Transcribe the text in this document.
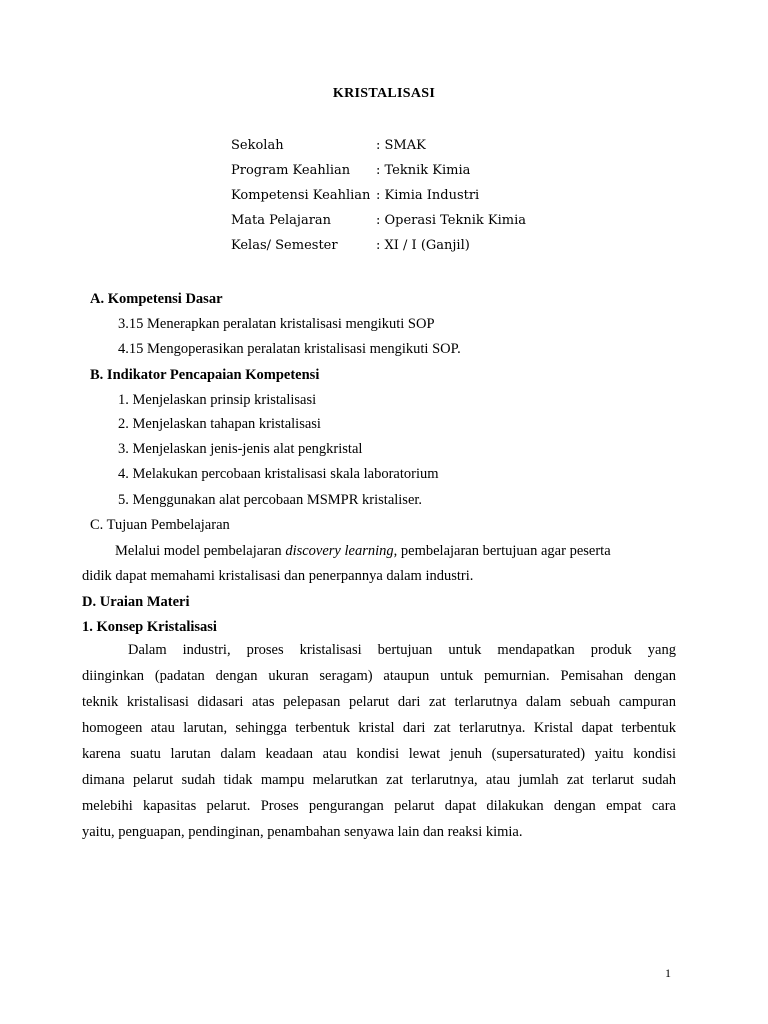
KRISTALISASI
Sekolah	: SMAK
Program Keahlian : Teknik Kimia
Kompetensi Keahlian : Kimia Industri
Mata Pelajaran	: Operasi Teknik Kimia
Kelas/ Semester	: XI / I (Ganjil)
A. Kompetensi Dasar
3.15 Menerapkan peralatan kristalisasi mengikuti SOP
4.15 Mengoperasikan peralatan kristalisasi mengikuti SOP.
B. Indikator Pencapaian Kompetensi
1. Menjelaskan prinsip kristalisasi
2. Menjelaskan tahapan kristalisasi
3. Menjelaskan jenis-jenis alat pengkristal
4. Melakukan percobaan kristalisasi skala laboratorium
5. Menggunakan alat percobaan MSMPR kristaliser.
C. Tujuan Pembelajaran
Melalui model pembelajaran discovery learning, pembelajaran bertujuan agar peserta
didik dapat memahami kristalisasi dan penerpannya dalam industri.
D. Uraian Materi
1. Konsep Kristalisasi
Dalam industri, proses kristalisasi bertujuan untuk mendapatkan produk yang
diinginkan (padatan dengan ukuran seragam) ataupun untuk pemurnian. Pemisahan dengan
teknik kristalisasi didasari atas pelepasan pelarut dari zat terlarutnya dalam sebuah campuran
homogeen atau larutan, sehingga terbentuk kristal dari zat terlarutnya. Kristal dapat terbentuk
karena suatu larutan dalam keadaan atau kondisi lewat jenuh (supersaturated) yaitu kondisi
dimana pelarut sudah tidak mampu melarutkan zat terlarutnya, atau jumlah zat terlarut sudah
melebihi kapasitas pelarut. Proses pengurangan pelarut dapat dilakukan dengan empat cara
yaitu, penguapan, pendinginan, penambahan senyawa lain dan reaksi kimia.
1
